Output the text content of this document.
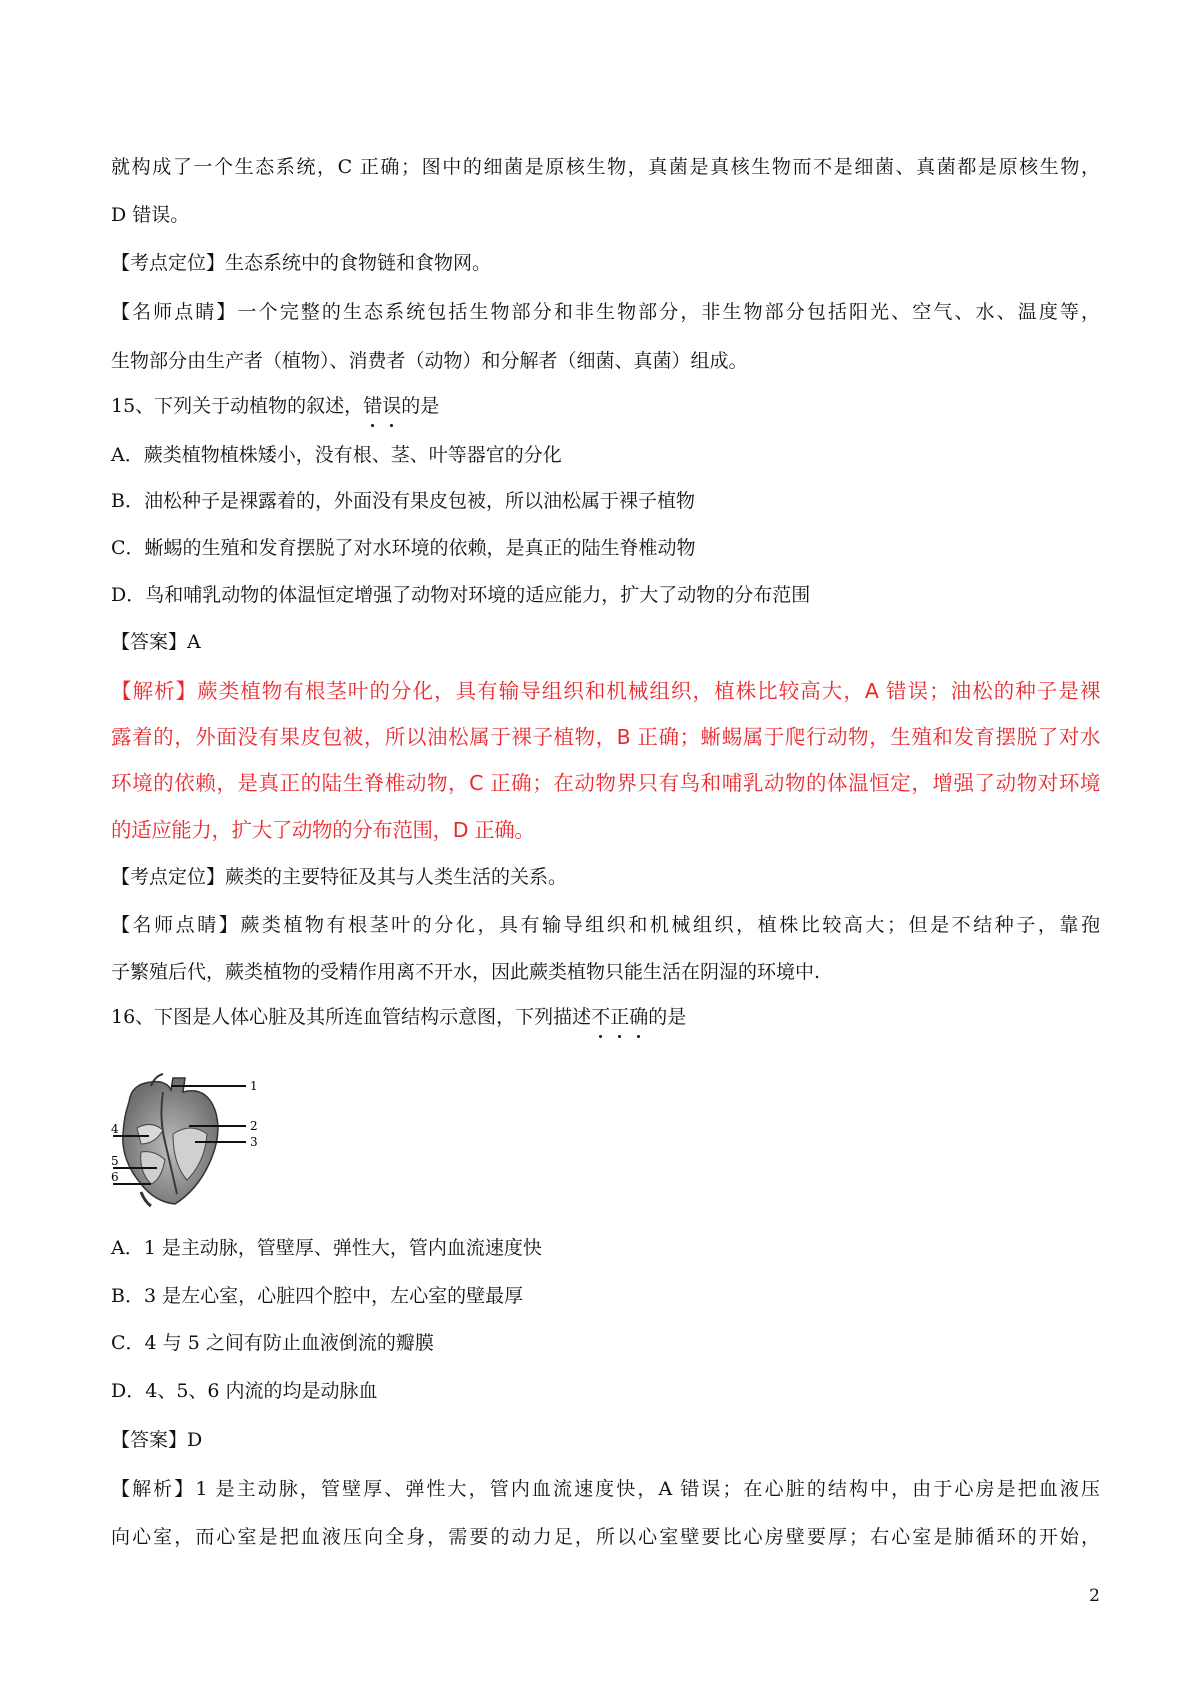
就构成了一个生态系统，C 正确；图中的细菌是原核生物，真菌是真核生物而不是细菌、真菌都是原核生物，
D 错误。
【考点定位】生态系统中的食物链和食物网。
【名师点睛】一个完整的生态系统包括生物部分和非生物部分，非生物部分包括阳光、空气、水、温度等，
生物部分由生产者（植物）、消费者（动物）和分解者（细菌、真菌）组成。
15、下列关于动植物的叙述，错
误
的是
A．蕨类植物植株矮小，没有根、茎、叶等器官的分化
B．油松种子是裸露着的，外面没有果皮包被，所以油松属于裸子植物
C．蜥蜴的生殖和发育摆脱了对水环境的依赖，是真正的陆生脊椎动物
D．鸟和哺乳动物的体温恒定增强了动物对环境的适应能力，扩大了动物的分布范围
【答案】A
【解析】蕨类植物有根茎叶的分化，具有输导组织和机械组织，植株比较高大，A 错误；油松的种子是裸
露着的，外面没有果皮包被，所以油松属于裸子植物，B 正确；蜥蜴属于爬行动物，生殖和发育摆脱了对水
环境的依赖，是真正的陆生脊椎动物，C 正确；在动物界只有鸟和哺乳动物的体温恒定，增强了动物对环境
的适应能力，扩大了动物的分布范围，D 正确。
【考点定位】蕨类的主要特征及其与人类生活的关系。
【名师点睛】蕨类植物有根茎叶的分化，具有输导组织和机械组织，植株比较高大；但是不结种子，靠孢
子繁殖后代，蕨类植物的受精作用离不开水，因此蕨类植物只能生活在阴湿的环境中.
16、下图是人体心脏及其所连血管结构示意图，下列描述不
正
确
的是
1
2
3
4
5
6
A．1 是主动脉，管壁厚、弹性大，管内血流速度快
B．3 是左心室，心脏四个腔中，左心室的壁最厚
C．4 与 5 之间有防止血液倒流的瓣膜
D．4、5、6 内流的均是动脉血
【答案】D
【解析】1 是主动脉，管壁厚、弹性大，管内血流速度快，A 错误；在心脏的结构中，由于心房是把血液压
向心室，而心室是把血液压向全身，需要的动力足，所以心室壁要比心房壁要厚；右心室是肺循环的开始，
2
